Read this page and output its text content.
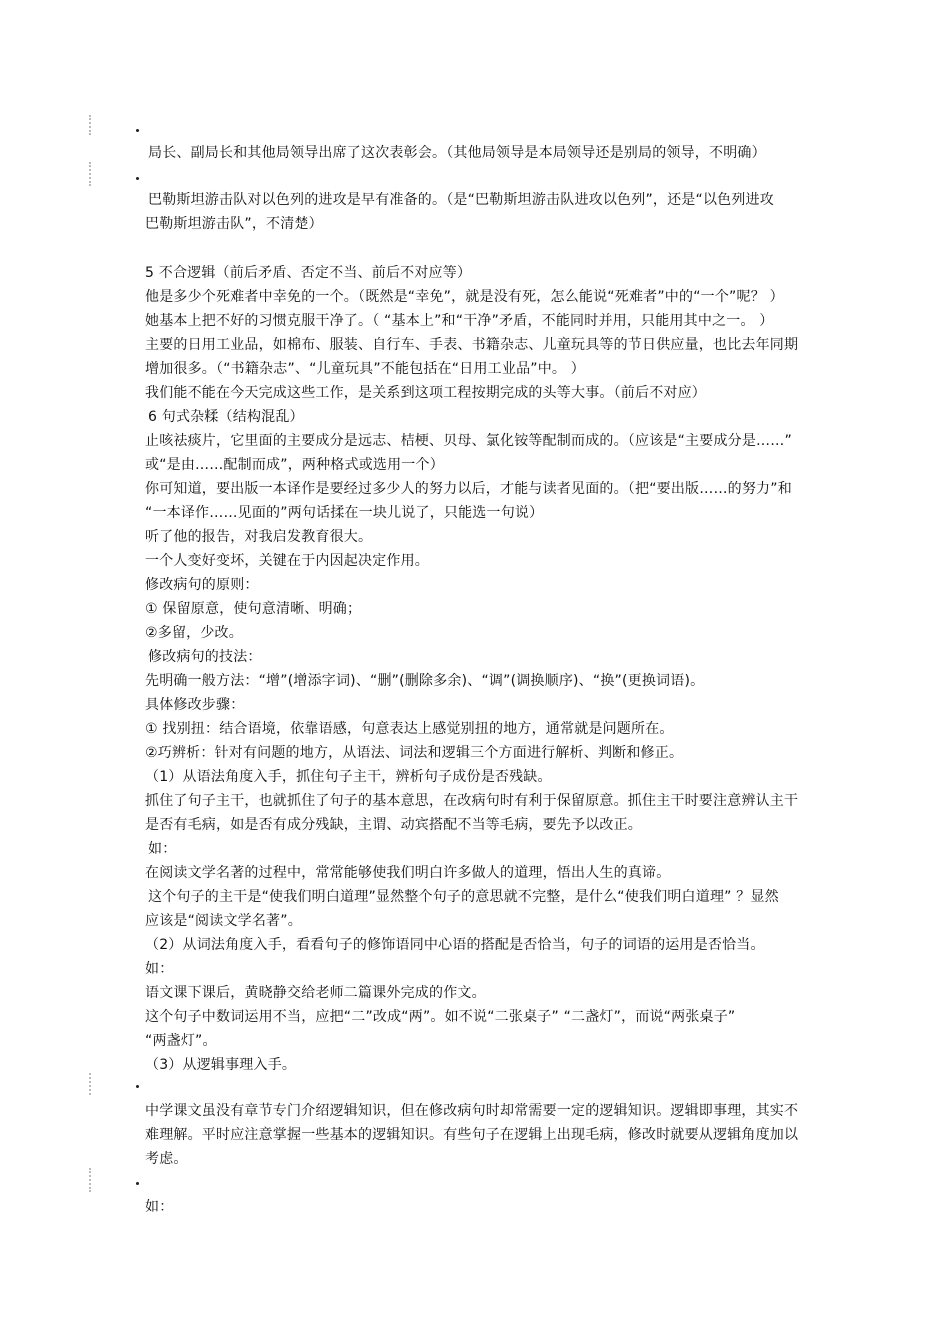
局长、副局长和其他局领导出席了这次表彰会。（其他局领导是本局领导还是别局的领导，不明确）
巴勒斯坦游击队对以色列的进攻是早有准备的。（是“巴勒斯坦游击队进攻以色列”，还是“以色列进攻
巴勒斯坦游击队”，不清楚）
5 不合逻辑（前后矛盾、否定不当、前后不对应等）
他是多少个死难者中幸免的一个。（既然是“幸免”，就是没有死，怎么能说“死难者”中的“一个”呢？ ）
她基本上把不好的习惯克服干净了。（ “基本上”和“干净”矛盾，不能同时并用，只能用其中之一。 ）
主要的日用工业品，如棉布、服装、自行车、手表、书籍杂志、儿童玩具等的节日供应量，也比去年同期
增加很多。（“书籍杂志”、“儿童玩具”不能包括在“日用工业品”中。 ）
我们能不能在今天完成这些工作，是关系到这项工程按期完成的头等大事。（前后不对应）
6 句式杂糅（结构混乱）
止咳祛痰片，它里面的主要成分是远志、桔梗、贝母、氯化铵等配制而成的。（应该是“主要成分是……”
或“是由……配制而成”，两种格式或选用一个）
你可知道，要出版一本译作是要经过多少人的努力以后，才能与读者见面的。（把“要出版……的努力”和
“一本译作……见面的”两句话揉在一块儿说了，只能选一句说）
听了他的报告，对我启发教育很大。
一个人变好变坏，关键在于内因起决定作用。
修改病句的原则：
① 保留原意，使句意清晰、明确；
②多留，少改。
修改病句的技法：
先明确一般方法：“增”(增添字词)、“删”(删除多余)、“调”(调换顺序)、“换”(更换词语)。
具体修改步骤：
① 找别扭：结合语境，依靠语感，句意表达上感觉别扭的地方，通常就是问题所在。
②巧辨析：针对有问题的地方，从语法、词法和逻辑三个方面进行解析、判断和修正。
（1）从语法角度入手，抓住句子主干，辨析句子成份是否残缺。
抓住了句子主干，也就抓住了句子的基本意思，在改病句时有利于保留原意。抓住主干时要注意辨认主干
是否有毛病，如是否有成分残缺，主谓、动宾搭配不当等毛病，要先予以改正。
如：
在阅读文学名著的过程中，常常能够使我们明白许多做人的道理，悟出人生的真谛。
这个句子的主干是“使我们明白道理”显然整个句子的意思就不完整，是什么“使我们明白道理” ？显然
应该是“阅读文学名著”。
（2）从词法角度入手，看看句子的修饰语同中心语的搭配是否恰当，句子的词语的运用是否恰当。
如：
语文课下课后，黄晓静交给老师二篇课外完成的作文。
这个句子中数词运用不当，应把“二”改成“两”。如不说“二张桌子” “二盏灯”，而说“两张桌子”
“两盏灯”。
（3）从逻辑事理入手。
中学课文虽没有章节专门介绍逻辑知识，但在修改病句时却常需要一定的逻辑知识。逻辑即事理，其实不
难理解。平时应注意掌握一些基本的逻辑知识。有些句子在逻辑上出现毛病，修改时就要从逻辑角度加以
考虑。
如：
